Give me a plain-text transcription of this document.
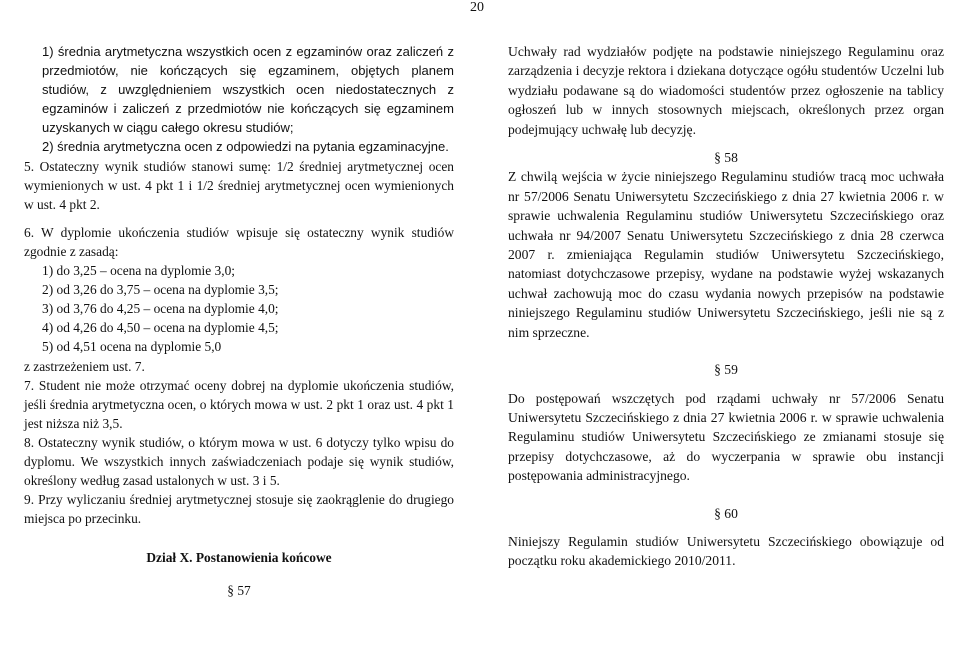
20

1) średnia arytmetyczna wszystkich ocen z egzaminów oraz zaliczeń z przedmiotów, nie kończących się egzaminem, objętych planem studiów, z uwzględnieniem wszystkich ocen niedostatecznych z egzaminów i zaliczeń z przedmiotów nie kończących się egzaminem uzyskanych w ciągu całego okresu studiów;

2) średnia arytmetyczna ocen z odpowiedzi na pytania egzaminacyjne.

5. Ostateczny wynik studiów stanowi sumę: 1/2 średniej arytmetycznej ocen wymienionych w ust. 4 pkt 1 i 1/2 średniej arytmetycznej ocen wymienionych w ust. 4 pkt 2.

6. W dyplomie ukończenia studiów wpisuje się ostateczny wynik studiów zgodnie z zasadą:

1) do 3,25 – ocena na dyplomie 3,0;

2) od 3,26 do 3,75 – ocena na dyplomie 3,5;

3) od 3,76 do 4,25 – ocena na dyplomie 4,0;

4) od 4,26 do 4,50 – ocena na dyplomie 4,5;

5) od 4,51 ocena na dyplomie 5,0

z zastrzeżeniem ust. 7.

7. Student nie może otrzymać oceny dobrej na dyplomie ukończenia studiów, jeśli średnia arytmetyczna ocen, o których mowa w ust. 2 pkt 1 oraz ust. 4 pkt 1 jest niższa niż 3,5.

8. Ostateczny wynik studiów, o którym mowa w ust. 6 dotyczy tylko wpisu do dyplomu. We wszystkich innych zaświadczeniach podaje się wynik studiów, określony według zasad ustalonych w ust. 3 i 5.

9. Przy wyliczaniu średniej arytmetycznej stosuje się zaokrąglenie do drugiego miejsca po przecinku.

Dział X. Postanowienia końcowe

§ 57

Uchwały rad wydziałów podjęte na podstawie niniejszego Regulaminu oraz zarządzenia i decyzje rektora i dziekana dotyczące ogółu studentów Uczelni lub wydziału podawane są do wiadomości studentów przez ogłoszenie na tablicy ogłoszeń lub w innych stosownych miejscach, określonych przez organ podejmujący uchwałę lub decyzję.

§ 58

Z chwilą wejścia w życie niniejszego Regulaminu studiów tracą moc uchwała nr 57/2006 Senatu Uniwersytetu Szczecińskiego z dnia 27 kwietnia 2006 r. w sprawie uchwalenia Regulaminu studiów Uniwersytetu Szczecińskiego oraz uchwała nr 94/2007 Senatu Uniwersytetu Szczecińskiego z dnia 28 czerwca 2007 r. zmieniająca Regulamin studiów Uniwersytetu Szczecińskiego, natomiast dotychczasowe przepisy, wydane na podstawie wyżej wskazanych uchwał zachowują moc do czasu wydania nowych przepisów na podstawie niniejszego Regulaminu studiów Uniwersytetu Szczecińskiego, jeśli nie są z nim sprzeczne.

§ 59

Do postępowań wszczętych pod rządami uchwały nr 57/2006 Senatu Uniwersytetu Szczecińskiego z dnia 27 kwietnia 2006 r. w sprawie uchwalenia Regulaminu studiów Uniwersytetu Szczecińskiego ze zmianami stosuje się przepisy dotychczasowe, aż do wyczerpania w sprawie obu instancji postępowania administracyjnego.

§ 60

Niniejszy Regulamin studiów Uniwersytetu Szczecińskiego obowiązuje od początku roku akademickiego 2010/2011.
